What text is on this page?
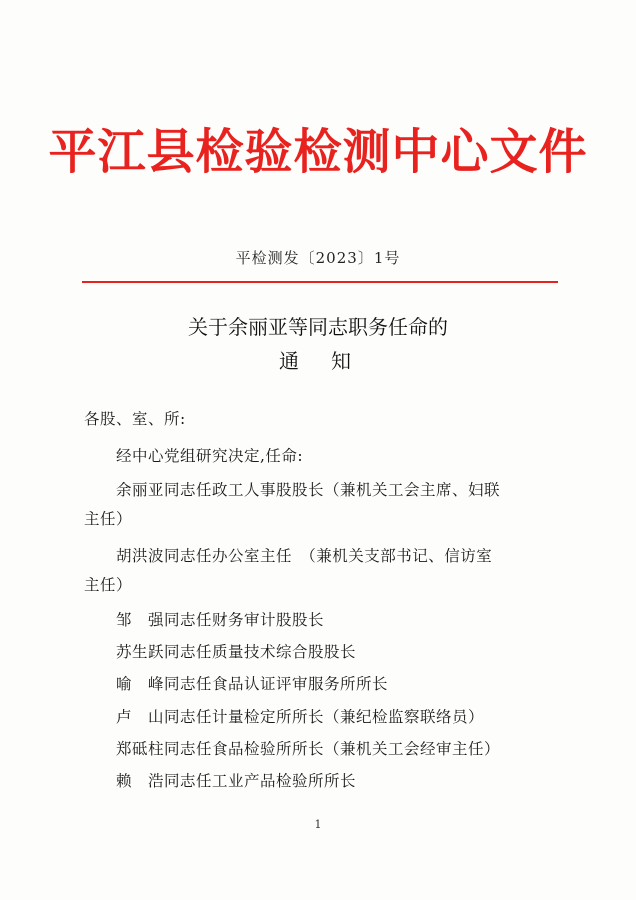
平江县检验检测中心文件
平检测发〔2023〕1号
关于余丽亚等同志职务任命的
通　知
各股、室、所:
经中心党组研究决定,任命:
余丽亚同志任政工人事股股长（兼机关工会主席、妇联
主任）
胡洪波同志任办公室主任　（兼机关支部书记、信访室
主任）
邹　强同志任财务审计股股长
苏生跃同志任质量技术综合股股长
喻　峰同志任食品认证评审服务所所长
卢　山同志任计量检定所所长（兼纪检监察联络员）
郑砥柱同志任食品检验所所长（兼机关工会经审主任）
赖　浩同志任工业产品检验所所长
1
